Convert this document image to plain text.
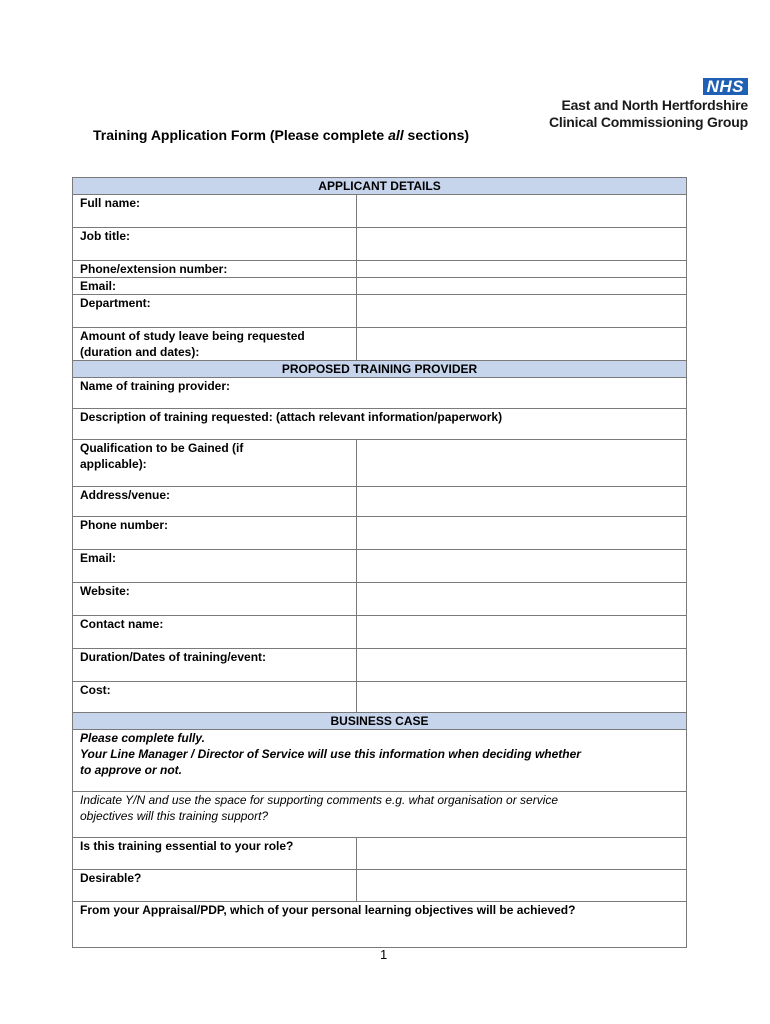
NHS
East and North Hertfordshire
Clinical Commissioning Group
Training Application Form (Please complete all sections)
APPLICANT DETAILS	
Full name:	
Job title:	
Phone/extension number:	
Email:	
Department:	

Amount of study leave being requested
(duration and dates):	

PROPOSED TRAINING PROVIDER	
Name of training provider:	
Description of training requested: (attach relevant information/paperwork)	

Qualification to be Gained (if
applicable):	

Address/venue:	
Phone number:	
Email:	
Website:	
Contact name:	
Duration/Dates of training/event:	
Cost:	
BUSINESS CASE	

Please complete fully.
Your Line Manager / Director of Service will use this information when deciding whether
to approve or not.	

Indicate Y/N and use the space for supporting comments e.g. what organisation or service
objectives will this training support?	

Is this training essential to your role?	
Desirable?	
From your Appraisal/PDP, which of your personal learning objectives will be achieved?	
1
